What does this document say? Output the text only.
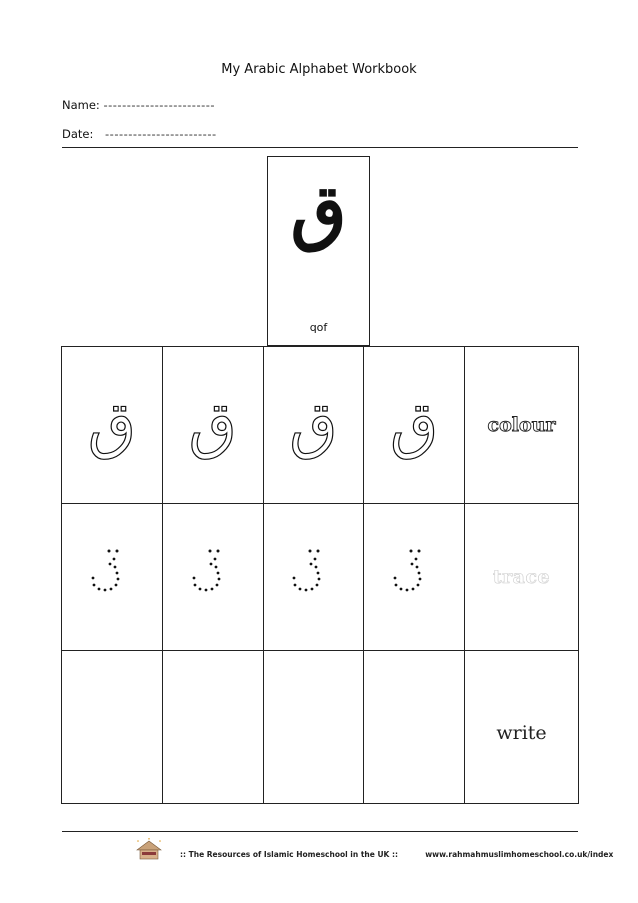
My Arabic Alphabet Workbook
Name: ------------------------
Date: ------------------------
ق
qof
ق	ق	ق	ق	colour
				trace
				write
:: The Resources of Islamic Homeschool in the UK ::	www.rahmahmuslimhomeschool.co.uk/index
